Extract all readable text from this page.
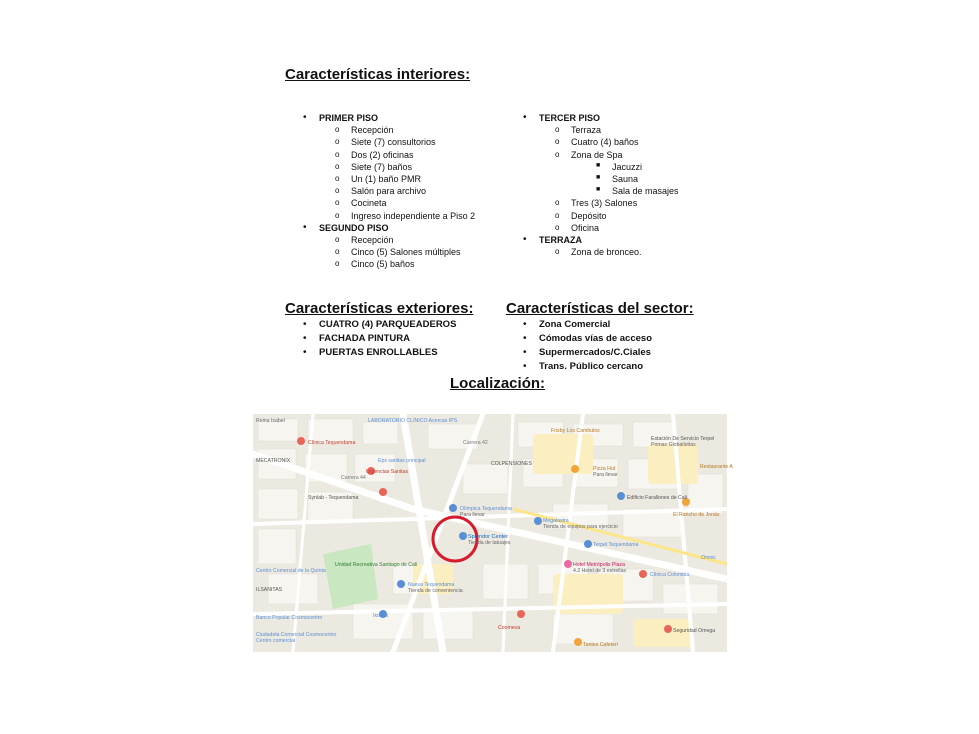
Características interiores:
Características exteriores: Características del sector:
Localización:
• PRIMER PISO
o Recepción
o Siete (7) consultorios
o Dos (2) oficinas
o Siete (7) baños
o Un (1) baño PMR
o Salón para archivo
o Cocineta
o Ingreso independiente a Piso 2
• SEGUNDO PISO
o Recepción
o Cinco (5) Salones múltiples
o Cinco (5) baños
• TERCER PISO
o Terraza
o Cuatro (4) baños
o Zona de Spa
■ Jacuzzi
■ Sauna
■ Sala de masajes
o Tres (3) Salones
o Depósito
o Oficina
• TERRAZA
o Zona de bronceo.
• CUATRO (4) PARQUEADEROS
• FACHADA PINTURA
• PUERTAS ENROLLABLES
• Zona Comercial
• Cómodas vías de acceso
• Supermercados/C.Ciales
• Trans. Público cercano
Reina Isabel	LABORATORIO CLÍNICO Acercas IPS
Clínica Tequendama
Eps sanitas principal
MECATRONIX
Urgencias Sanitas
Synlab - Tequendama
Olímpica Tequendama
Para llevar
COLPENSIONES
Frisby Los Cambulos
Estación De Servicio Terpel
Primax Globalisttas
Restaurante A
Pizza Hut
Para llevar
Edificio Farallones de Cali
Megalastra
Tienda de equipos para ejercicio
El Rancho de Jonás
Terpel Tequendama
Splendor Center
Tienda de tatuajes
Unidad Recreativa Santiago de Cali
Nueva Tequendama
Tienda de conveniencia
Hotel Metrópolis Plaza
4.2 Hotel de 3 estrellas
Clínica Colombia
Ikonos
Coomeva	Seguridad Omega
Ciudadela Comercial Cosmocentro
Centro comercial
Banco Popular Cosmocentro
Centro Comercial de la Quinta
ILSANITAS
Tantes Cafeteri
Omnic
Carrera 44
Carrera 42
